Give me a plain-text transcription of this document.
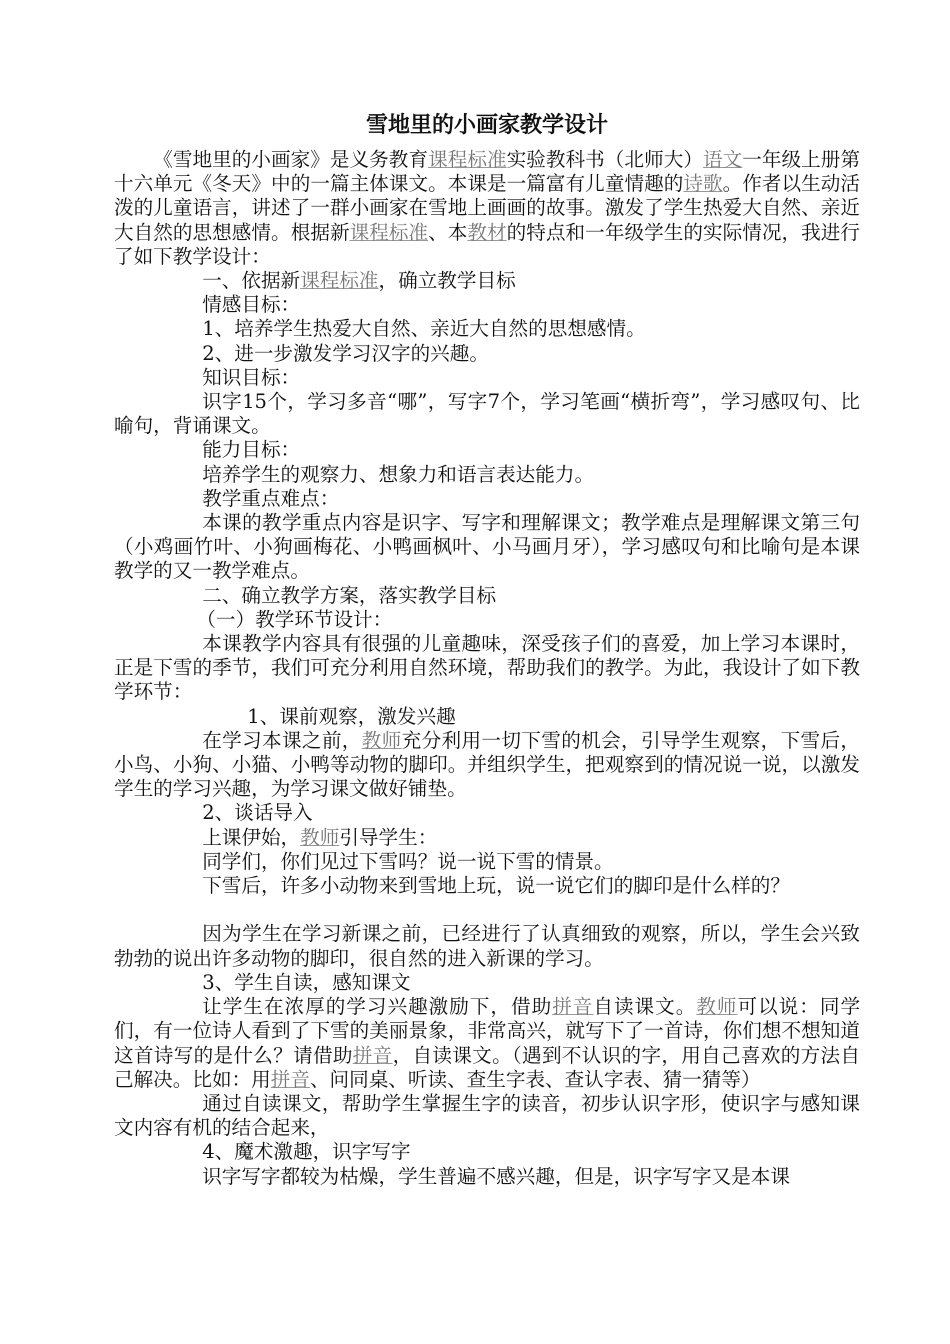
雪地里的小画家教学设计

《雪地里的小画家》是义务教育课程标准实验教科书（北师大）语文一年级上册第十六单元《冬天》中的一篇主体课文。本课是一篇富有儿童情趣的诗歌。作者以生动活泼的儿童语言，讲述了一群小画家在雪地上画画的故事。激发了学生热爱大自然、亲近大自然的思想感情。根据新课程标准、本教材的特点和一年级学生的实际情况，我进行了如下教学设计：

一、依据新课程标准，确立教学目标

情感目标：

1、培养学生热爱大自然、亲近大自然的思想感情。

2、进一步激发学习汉字的兴趣。

知识目标：

识字15个，学习多音“哪”，写字7个，学习笔画“横折弯”，学习感叹句、比喻句，背诵课文。

能力目标：

培养学生的观察力、想象力和语言表达能力。

教学重点难点：

本课的教学重点内容是识字、写字和理解课文；教学难点是理解课文第三句（小鸡画竹叶、小狗画梅花、小鸭画枫叶、小马画月牙），学习感叹句和比喻句是本课教学的又一教学难点。

二、确立教学方案，落实教学目标

（一）教学环节设计：

本课教学内容具有很强的儿童趣味，深受孩子们的喜爱，加上学习本课时，正是下雪的季节，我们可充分利用自然环境，帮助我们的教学。为此，我设计了如下教学环节：

1、课前观察，激发兴趣

在学习本课之前，教师充分利用一切下雪的机会，引导学生观察，下雪后，小鸟、小狗、小猫、小鸭等动物的脚印。并组织学生，把观察到的情况说一说，以激发学生的学习兴趣，为学习课文做好铺垫。

2、谈话导入

上课伊始，教师引导学生：

同学们，你们见过下雪吗？说一说下雪的情景。

下雪后，许多小动物来到雪地上玩，说一说它们的脚印是什么样的？

因为学生在学习新课之前，已经进行了认真细致的观察，所以，学生会兴致勃勃的说出许多动物的脚印，很自然的进入新课的学习。

3、学生自读，感知课文

让学生在浓厚的学习兴趣激励下，借助拼音自读课文。教师可以说：同学们，有一位诗人看到了下雪的美丽景象，非常高兴，就写下了一首诗，你们想不想知道这首诗写的是什么？请借助拼音，自读课文。（遇到不认识的字，用自己喜欢的方法自己解决。比如：用拼音、问同桌、听读、查生字表、查认字表、猜一猜等）

通过自读课文，帮助学生掌握生字的读音，初步认识字形，使识字与感知课文内容有机的结合起来，

4、魔术激趣，识字写字

识字写字都较为枯燥，学生普遍不感兴趣，但是，识字写字又是本课
